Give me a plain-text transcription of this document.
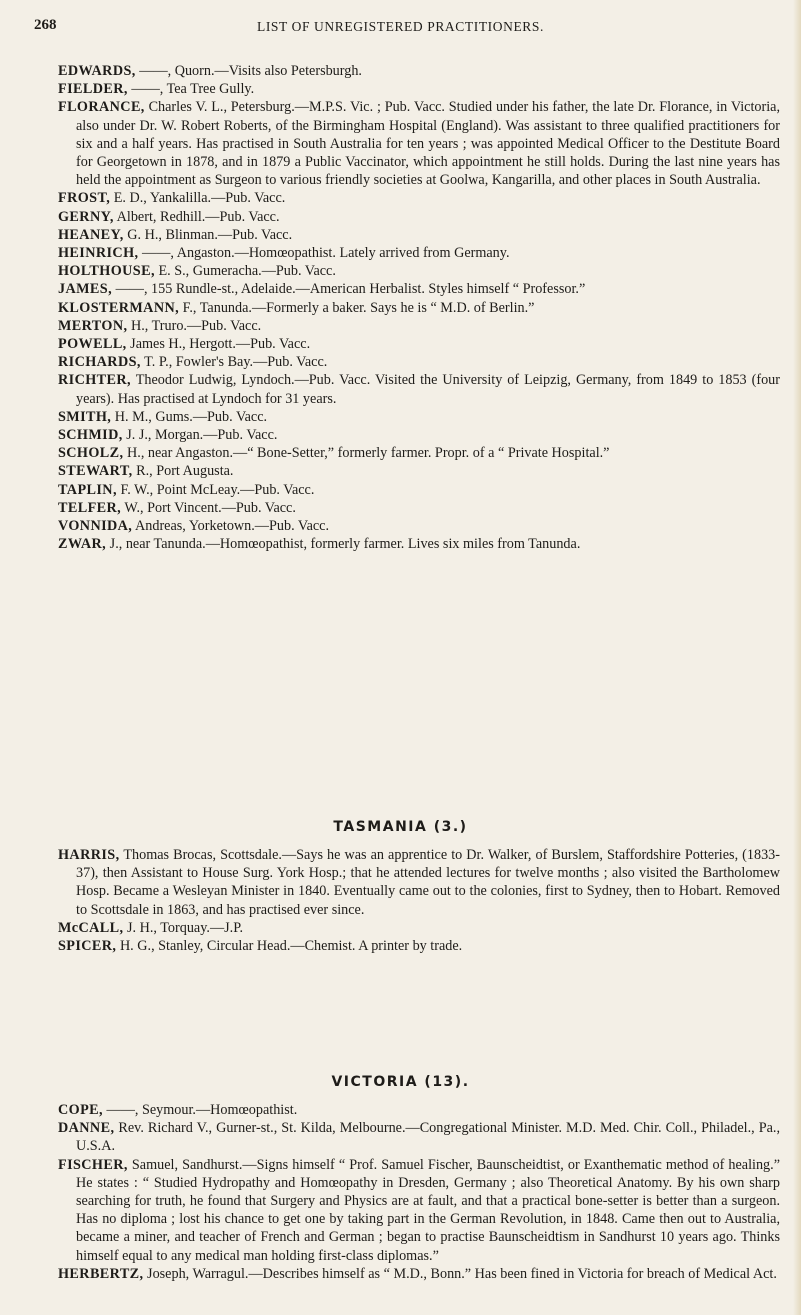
268	LIST OF UNREGISTERED PRACTITIONERS.

EDWARDS, ——, Quorn.—Visits also Petersburgh.

FIELDER, ——, Tea Tree Gully.

FLORANCE, Charles V. L., Petersburg.—M.P.S. Vic. ; Pub. Vacc. Studied under his father, the late Dr. Florance, in Victoria, also under Dr. W. Robert Roberts, of the Birmingham Hospital (England). Was assistant to three qualified practitioners for six and a half years. Has practised in South Australia for ten years ; was appointed Medical Officer to the Destitute Board for Georgetown in 1878, and in 1879 a Public Vaccinator, which appointment he still holds. During the last nine years has held the appointment as Surgeon to various friendly societies at Goolwa, Kangarilla, and other places in South Australia.

FROST, E. D., Yankalilla.—Pub. Vacc.

GERNY, Albert, Redhill.—Pub. Vacc.

HEANEY, G. H., Blinman.—Pub. Vacc.

HEINRICH, ——, Angaston.—Homœopathist. Lately arrived from Germany.

HOLTHOUSE, E. S., Gumeracha.—Pub. Vacc.

JAMES, ——, 155 Rundle-st., Adelaide.—American Herbalist. Styles himself “ Professor.”

KLOSTERMANN, F., Tanunda.—Formerly a baker. Says he is “ M.D. of Berlin.”

MERTON, H., Truro.—Pub. Vacc.

POWELL, James H., Hergott.—Pub. Vacc.

RICHARDS, T. P., Fowler's Bay.—Pub. Vacc.

RICHTER, Theodor Ludwig, Lyndoch.—Pub. Vacc. Visited the University of Leipzig, Germany, from 1849 to 1853 (four years). Has practised at Lyndoch for 31 years.

SMITH, H. M., Gums.—Pub. Vacc.

SCHMID, J. J., Morgan.—Pub. Vacc.

SCHOLZ, H., near Angaston.—“ Bone-Setter,” formerly farmer. Propr. of a “ Private Hospital.”

STEWART, R., Port Augusta.

TAPLIN, F. W., Point McLeay.—Pub. Vacc.

TELFER, W., Port Vincent.—Pub. Vacc.

VONNIDA, Andreas, Yorketown.—Pub. Vacc.

ZWAR, J., near Tanunda.—Homœopathist, formerly farmer. Lives six miles from Tanunda.

TASMANIA (3.)

HARRIS, Thomas Brocas, Scottsdale.—Says he was an apprentice to Dr. Walker, of Burslem, Staffordshire Potteries, (1833-37), then Assistant to House Surg. York Hosp.; that he attended lectures for twelve months ; also visited the Bartholomew Hosp. Became a Wesleyan Minister in 1840. Eventually came out to the colonies, first to Sydney, then to Hobart. Removed to Scottsdale in 1863, and has practised ever since.

McCALL, J. H., Torquay.—J.P.

SPICER, H. G., Stanley, Circular Head.—Chemist. A printer by trade.

VICTORIA (13).

COPE, ——, Seymour.—Homœopathist.

DANNE, Rev. Richard V., Gurner-st., St. Kilda, Melbourne.—Congregational Minister. M.D. Med. Chir. Coll., Philadel., Pa., U.S.A.

FISCHER, Samuel, Sandhurst.—Signs himself “ Prof. Samuel Fischer, Baunscheidtist, or Exanthematic method of healing.” He states : “ Studied Hydropathy and Homœopathy in Dresden, Germany ; also Theoretical Anatomy. By his own sharp searching for truth, he found that Surgery and Physics are at fault, and that a practical bone-setter is better than a surgeon. Has no diploma ; lost his chance to get one by taking part in the German Revolution, in 1848. Came then out to Australia, became a miner, and teacher of French and German ; began to practise Baunscheidtism in Sandhurst 10 years ago. Thinks himself equal to any medical man holding first-class diplomas.”

HERBERTZ, Joseph, Warragul.—Describes himself as “ M.D., Bonn.” Has been fined in Victoria for breach of Medical Act.
